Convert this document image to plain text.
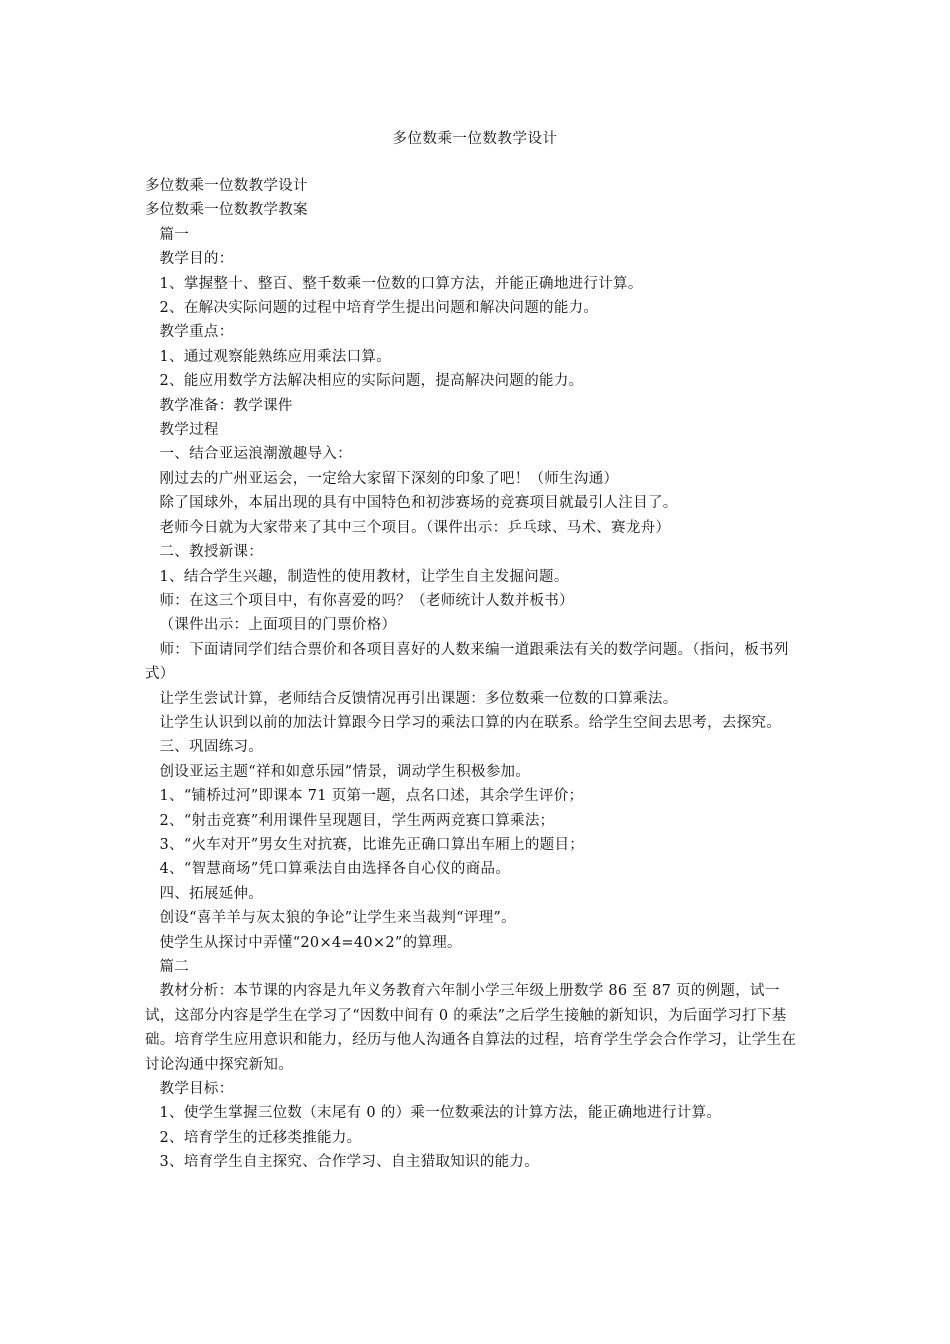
多位数乘一位数教学设计

多位数乘一位数教学设计

多位数乘一位数教学教案

篇一

教学目的：

1、掌握整十、整百、整千数乘一位数的口算方法，并能正确地进行计算。

2、在解决实际问题的过程中培育学生提出问题和解决问题的能力。

教学重点：

1、通过观察能熟练应用乘法口算。

2、能应用数学方法解决相应的实际问题，提高解决问题的能力。

教学准备：教学课件

教学过程

一、结合亚运浪潮激趣导入：

刚过去的广州亚运会，一定给大家留下深刻的印象了吧！（师生沟通）

除了国球外，本届出现的具有中国特色和初涉赛场的竞赛项目就最引人注目了。

老师今日就为大家带来了其中三个项目。（课件出示：乒乓球、马术、赛龙舟）

二、教授新课：

1、结合学生兴趣，制造性的使用教材，让学生自主发掘问题。

师：在这三个项目中，有你喜爱的吗？（老师统计人数并板书）

（课件出示：上面项目的门票价格）

师：下面请同学们结合票价和各项目喜好的人数来编一道跟乘法有关的数学问题。（指问，板书列式）

让学生尝试计算，老师结合反馈情况再引出课题：多位数乘一位数的口算乘法。

让学生认识到以前的加法计算跟今日学习的乘法口算的内在联系。给学生空间去思考，去探究。

三、巩固练习。

创设亚运主题“祥和如意乐园”情景，调动学生积极参加。

1、“铺桥过河”即课本 71 页第一题，点名口述，其余学生评价；

2、“射击竞赛”利用课件呈现题目，学生两两竞赛口算乘法；

3、“火车对开”男女生对抗赛，比谁先正确口算出车厢上的题目；

4、“智慧商场”凭口算乘法自由选择各自心仪的商品。

四、拓展延伸。

创设“喜羊羊与灰太狼的争论”让学生来当裁判“评理”。

使学生从探讨中弄懂“20×4=40×2”的算理。

篇二

教材分析：本节课的内容是九年义务教育六年制小学三年级上册数学 86 至 87 页的例题，试一试，这部分内容是学生在学习了“因数中间有 0 的乘法”之后学生接触的新知识，为后面学习打下基础。培育学生应用意识和能力，经历与他人沟通各自算法的过程，培育学生学会合作学习，让学生在讨论沟通中探究新知。

教学目标：

1、使学生掌握三位数（末尾有 0 的）乘一位数乘法的计算方法，能正确地进行计算。

2、培育学生的迁移类推能力。

3、培育学生自主探究、合作学习、自主猎取知识的能力。
